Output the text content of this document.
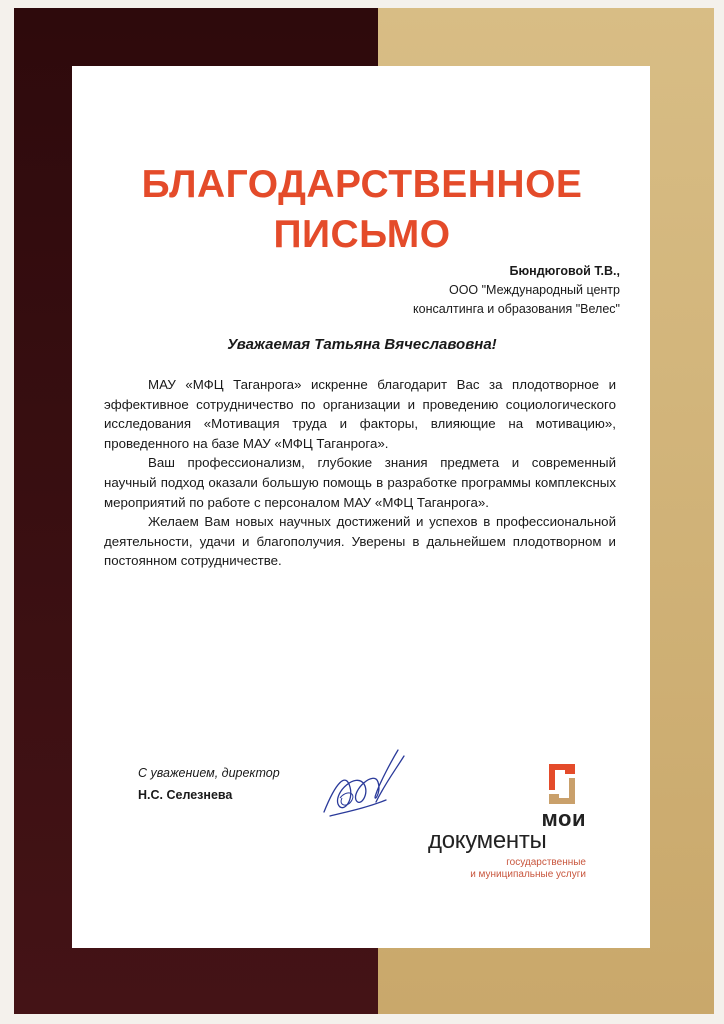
БЛАГОДАРСТВЕННОЕ
ПИСЬМО
Бюндюговой Т.В.,
ООО "Международный центр
консалтинга и образования "Велес"
Уважаемая Татьяна Вячеславовна!

МАУ «МФЦ Таганрога» искренне благодарит Вас за плодотворное и эффективное сотрудничество по организации и проведению социологического исследования «Мотивация труда и факторы, влияющие на мотивацию», проведенного на базе МАУ «МФЦ Таганрога».

Ваш профессионализм, глубокие знания предмета и современный научный подход оказали большую помощь в разработке программы комплексных мероприятий по работе с персоналом МАУ «МФЦ Таганрога».

Желаем Вам новых научных достижений и успехов в профессиональной деятельности, удачи и благополучия. Уверены в дальнейшем плодотворном и постоянном сотрудничестве.

С уважением, директор
Н.С. Селезнева
мои
документы
государственные
и муниципальные услуги
